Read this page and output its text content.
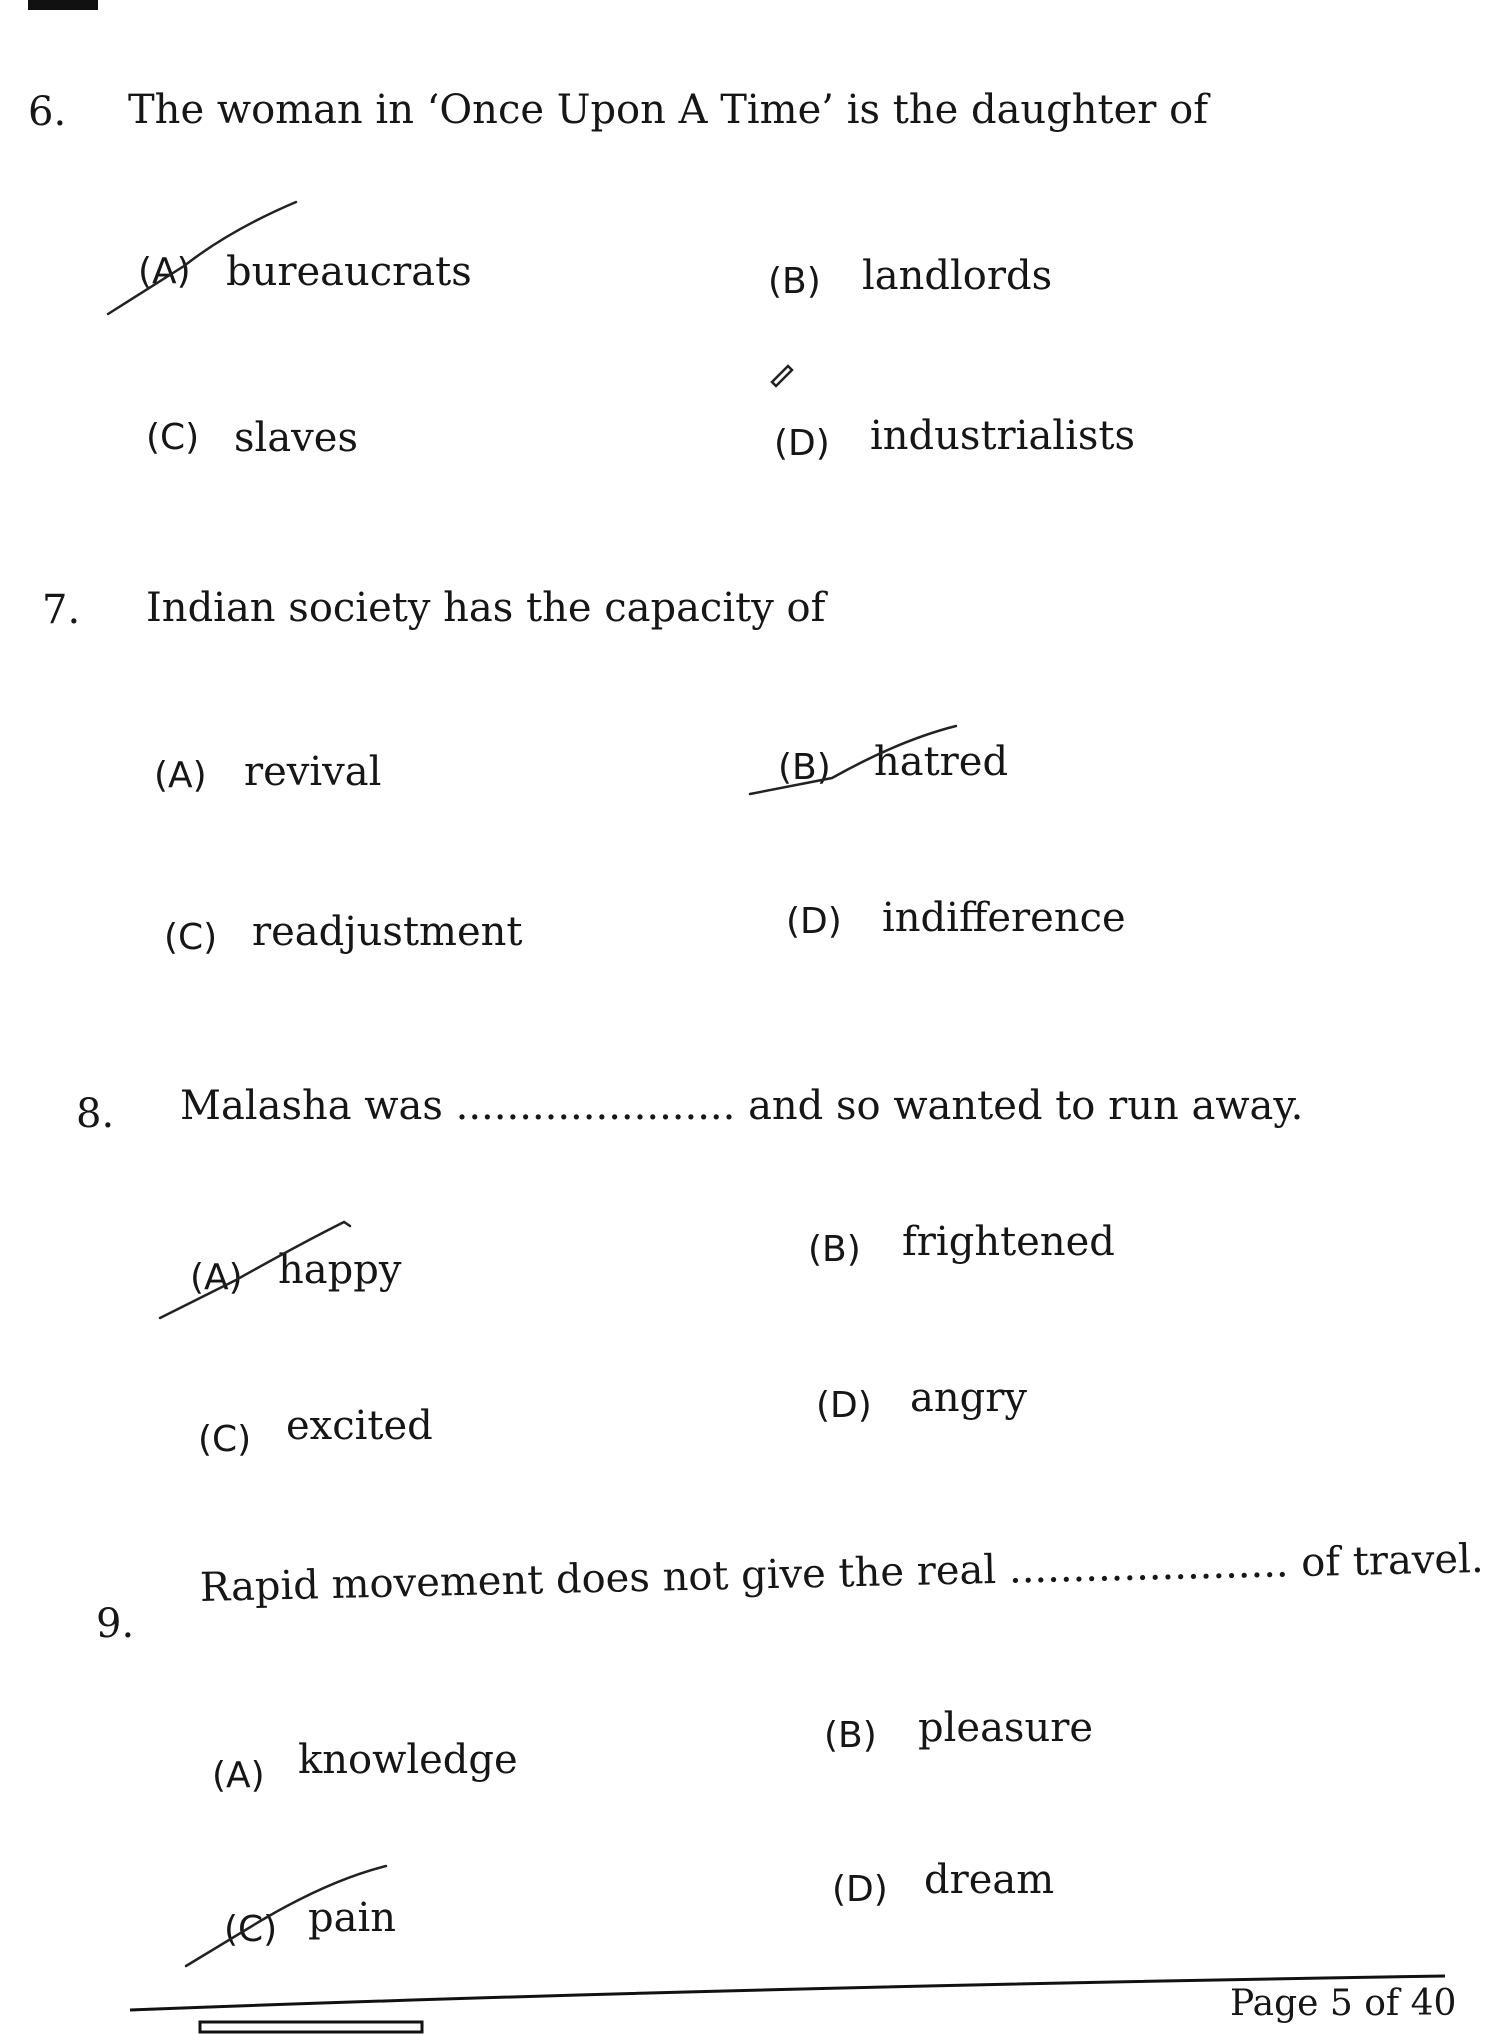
6. The woman in ‘Once Upon A Time’ is the daughter of
(A) bureaucrats	(B) landlords
(C) slaves	(D) industrialists
7. Indian society has the capacity of
(A) revival	(B) hatred
(C) readjustment	(D) indifference
8. Malasha was ...................... and so wanted to run away.
(A) happy	(B) frightened
(C) excited	(D) angry
9.
Rapid movement does not give the real ...................... of travel.
(A) knowledge
(B) pleasure
(C) pain
(D) dream
Page 5 of 40
